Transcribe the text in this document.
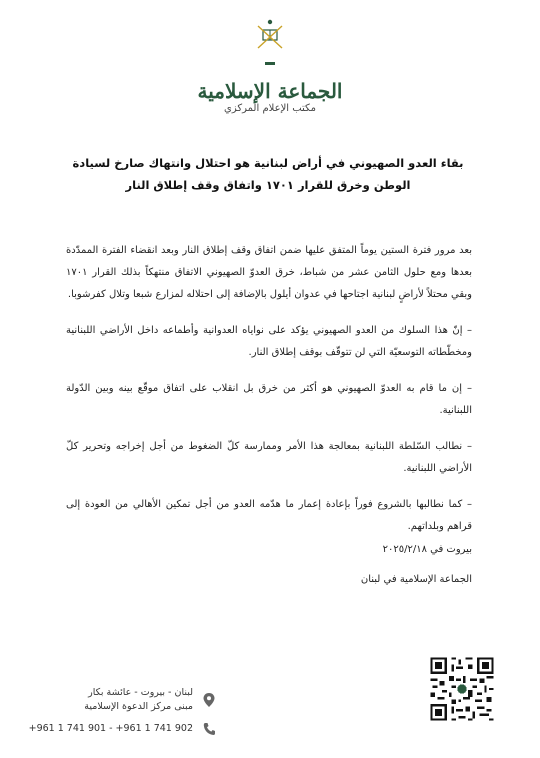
الجماعة الإسلامية
مكتب الإعلام المركزي
بقاء العدو الصهيوني في أراض لبنانية هو احتلال وانتهاك صارخ لسيادة الوطن وخرق للقرار ١٧٠١ واتفاق وقف إطلاق النار

بعد مرور فترة الستين يوماً المتفق عليها ضمن اتفاق وقف إطلاق النار وبعد انقضاء الفترة الممدّدة بعدها ومع حلول الثامن عشر من شباط، خرق العدوّ الصهيوني الاتفاق منتهكاً بذلك القرار ١٧٠١ وبقي محتلاً لأراضٍ لبنانية اجتاحها في عدوان أيلول بالإضافة إلى احتلاله لمزارع شبعا وتلال كفرشوبا.

– إنّ هذا السلوك من العدو الصهيوني يؤكد على نواياه العدوانية وأطماعه داخل الأراضي اللبنانية ومخطّطاته التوسعيّة التي لن تتوقّف بوقف إطلاق النار.

– إن ما قام به العدوّ الصهيوني هو أكثر من خرق بل انقلاب على اتفاق موقّع بينه وبين الدّولة اللبنانية.

– نطالب السّلطة اللبنانية بمعالجة هذا الأمر وممارسة كلّ الضغوط من أجل إخراجه وتحرير كلّ الأراضي اللبنانية.

– كما نطالبها بالشروع فوراً بإعادة إعمار ما هدّمه العدو من أجل تمكين الأهالي من العودة إلى قراهم وبلداتهم.

بيروت في ٢٠٢٥/٢/١٨
الجماعة الإسلامية في لبنان
لبنان - بيروت - عائشة بكار
مبنى مركز الدعوة الإسلامية
+961 1 741 901 - +961 1 741 902
